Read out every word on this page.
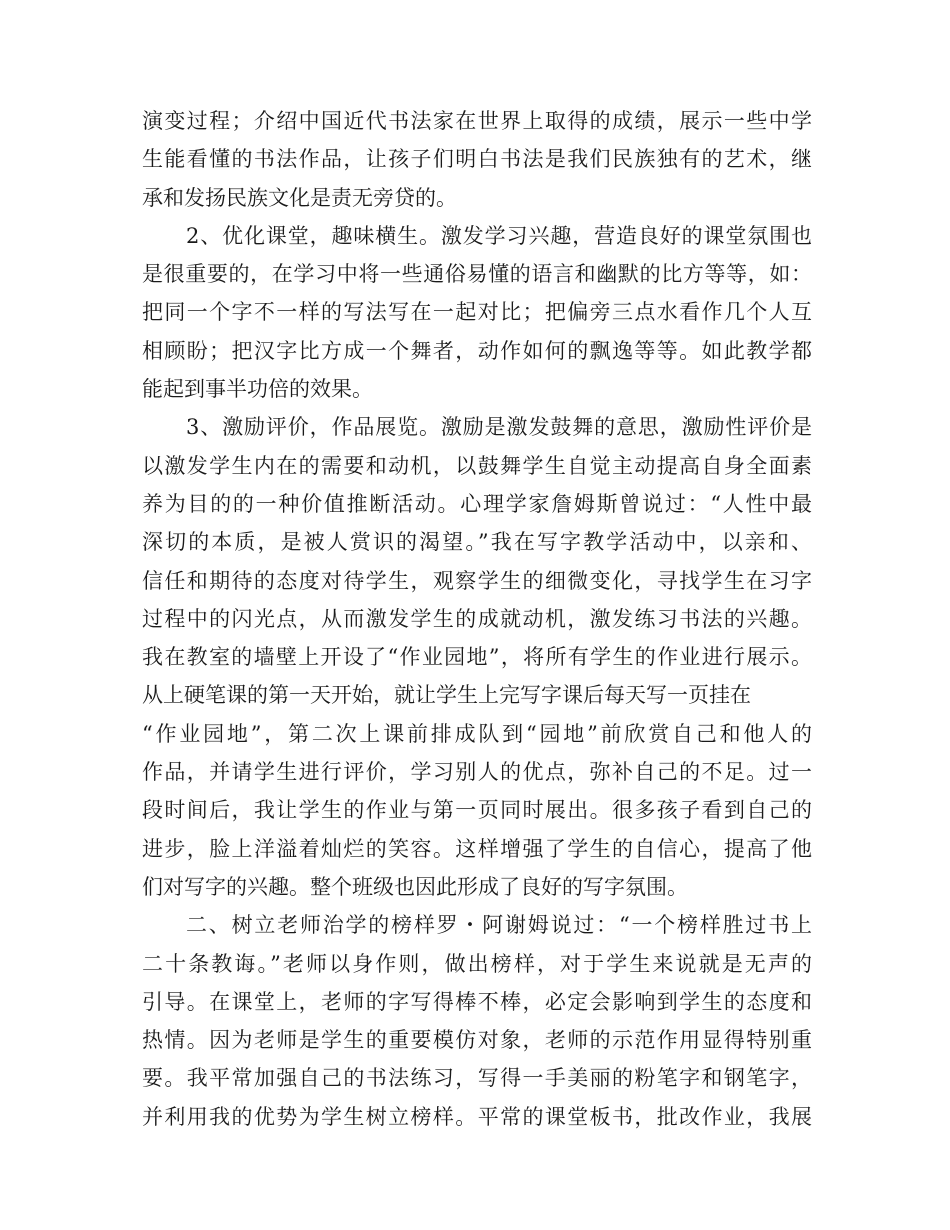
演变过程；介绍中国近代书法家在世界上取得的成绩，展示一些中学
生能看懂的书法作品，让孩子们明白书法是我们民族独有的艺术，继
承和发扬民族文化是责无旁贷的。
2、优化课堂，趣味横生。激发学习兴趣，营造良好的课堂氛围也
是很重要的，在学习中将一些通俗易懂的语言和幽默的比方等等，如：
把同一个字不一样的写法写在一起对比；把偏旁三点水看作几个人互
相顾盼；把汉字比方成一个舞者，动作如何的飘逸等等。如此教学都
能起到事半功倍的效果。
3、激励评价，作品展览。激励是激发鼓舞的意思，激励性评价是
以激发学生内在的需要和动机，以鼓舞学生自觉主动提高自身全面素
养为目的的一种价值推断活动。心理学家詹姆斯曾说过：“人性中最
深切的本质，是被人赏识的渴望。”我在写字教学活动中，以亲和、
信任和期待的态度对待学生，观察学生的细微变化，寻找学生在习字
过程中的闪光点，从而激发学生的成就动机，激发练习书法的兴趣。
我在教室的墙壁上开设了“作业园地”，将所有学生的作业进行展示。
从上硬笔课的第一天开始，就让学生上完写字课后每天写一页挂在
“作业园地”，第二次上课前排成队到“园地”前欣赏自己和他人的
作品，并请学生进行评价，学习别人的优点，弥补自己的不足。过一
段时间后，我让学生的作业与第一页同时展出。很多孩子看到自己的
进步，脸上洋溢着灿烂的笑容。这样增强了学生的自信心，提高了他
们对写字的兴趣。整个班级也因此形成了良好的写字氛围。
二、树立老师治学的榜样罗・阿谢姆说过：“一个榜样胜过书上
二十条教诲。”老师以身作则，做出榜样，对于学生来说就是无声的
引导。在课堂上，老师的字写得棒不棒，必定会影响到学生的态度和
热情。因为老师是学生的重要模仿对象，老师的示范作用显得特别重
要。我平常加强自己的书法练习，写得一手美丽的粉笔字和钢笔字，
并利用我的优势为学生树立榜样。平常的课堂板书，批改作业，我展
